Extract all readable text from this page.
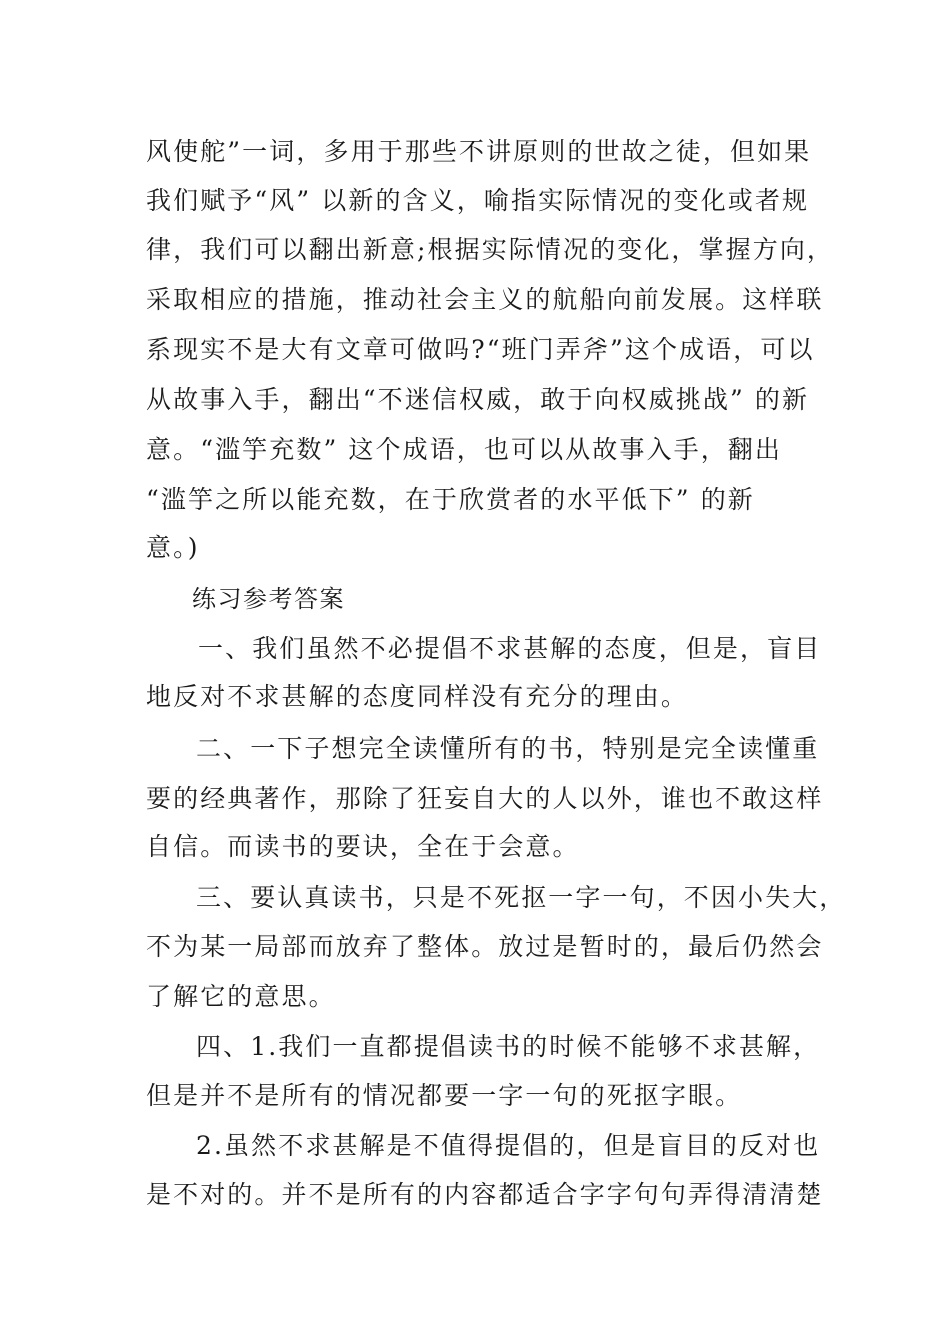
风使舵”一词，多用于那些不讲原则的世故之徒，但如果
我们赋予“风” 以新的含义，喻指实际情况的变化或者规
律，我们可以翻出新意;根据实际情况的变化，掌握方向，
采取相应的措施，推动社会主义的航船向前发展。这样联
系现实不是大有文章可做吗?“班门弄斧”这个成语，可以
从故事入手，翻出“不迷信权威，敢于向权威挑战” 的新
意。“滥竽充数” 这个成语，也可以从故事入手，翻出
“滥竽之所以能充数，在于欣赏者的水平低下” 的新
意。)
练习参考答案
一、我们虽然不必提倡不求甚解的态度，但是，盲目
地反对不求甚解的态度同样没有充分的理由。
二、一下子想完全读懂所有的书，特别是完全读懂重
要的经典著作，那除了狂妄自大的人以外，谁也不敢这样
自信。而读书的要诀，全在于会意。
三、要认真读书，只是不死抠一字一句，不因小失大，
不为某一局部而放弃了整体。放过是暂时的，最后仍然会
了解它的意思。
四、1.我们一直都提倡读书的时候不能够不求甚解，
但是并不是所有的情况都要一字一句的死抠字眼。
2.虽然不求甚解是不值得提倡的，但是盲目的反对也
是不对的。并不是所有的内容都适合字字句句弄得清清楚
